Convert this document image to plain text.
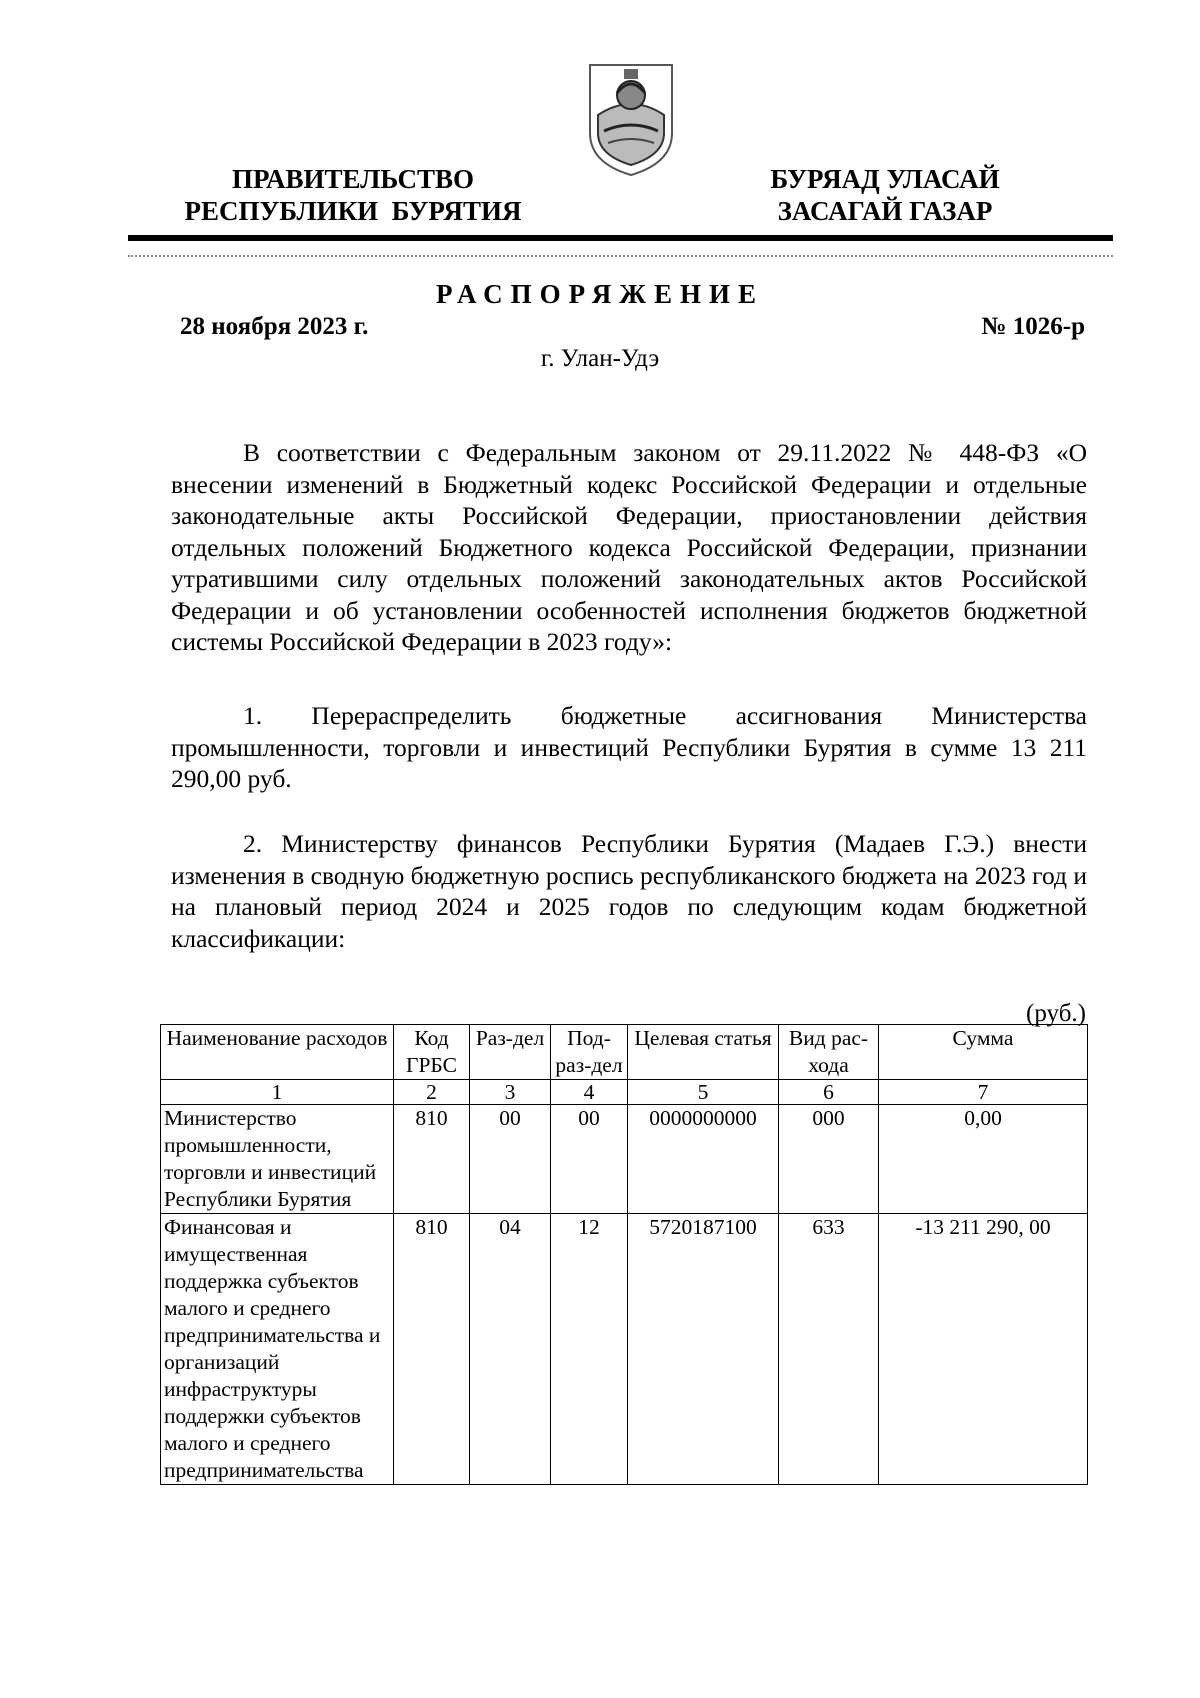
ПРАВИТЕЛЬСТВО
РЕСПУБЛИКИ  БУРЯТИЯ
БУРЯАД УЛАСАЙ
ЗАСАГАЙ ГАЗАР
РАСПОРЯЖЕНИЕ
28 ноября 2023 г.	№ 1026-р
г. Улан-Удэ

В соответствии с Федеральным законом от 29.11.2022 № 448-ФЗ «О внесении изменений в Бюджетный кодекс Российской Федерации и отдельные законодательные акты Российской Федерации, приостановлении действия отдельных положений Бюджетного кодекса Российской Федерации, признании утратившими силу отдельных положений законодательных актов Российской Федерации и об установлении особенностей исполнения бюджетов бюджетной системы Российской Федерации в 2023 году»:

1. Перераспределить бюджетные ассигнования Министерства промышленности, торговли и инвестиций Республики Бурятия в сумме 13 211 290,00 руб.

2. Министерству финансов Республики Бурятия (Мадаев Г.Э.) внести изменения в сводную бюджетную роспись республиканского бюджета на 2023 год и на плановый период 2024 и 2025 годов по следующим кодам бюджетной классификации:

(руб.)
Наименование расходов	Код ГРБС	Раз-дел	Под-раз-дел	Целевая статья	Вид рас-хода	Сумма
1	2	3	4	5	6	7
Министерство промышленности, торговли и инвестиций Республики Бурятия	810	00	00	0000000000	000	0,00
Финансовая и имущественная поддержка субъектов малого и среднего предпринимательства и организаций инфраструктуры поддержки субъектов малого и среднего предпринимательства	810	04	12	5720187100	633	-13 211 290, 00
